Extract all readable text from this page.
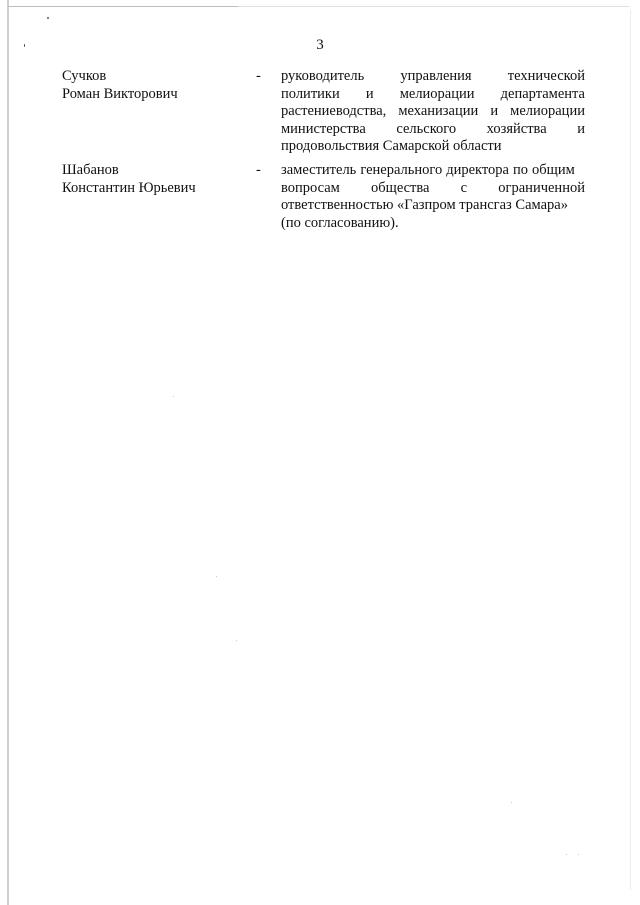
3
Сучков
Роман Викторович
- руководитель управления технической
политики и мелиорации департамента
растениеводства, механизации и мелиорации
министерства сельского хозяйства и
продовольствия Самарской области
Шабанов
Константин Юрьевич
- заместитель генерального директора по общим
вопросам общества с ограниченной
ответственностью «Газпром трансгаз Самара»
(по согласованию).
